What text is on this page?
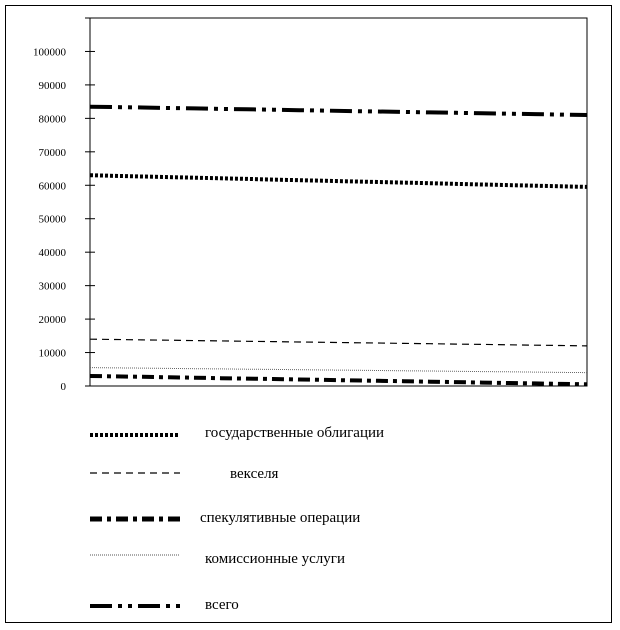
0
10000
20000
30000
40000
50000
60000
70000
80000
90000
100000
государственные облигации
векселя
спекулятивные операции
комиссионные услуги
всего
